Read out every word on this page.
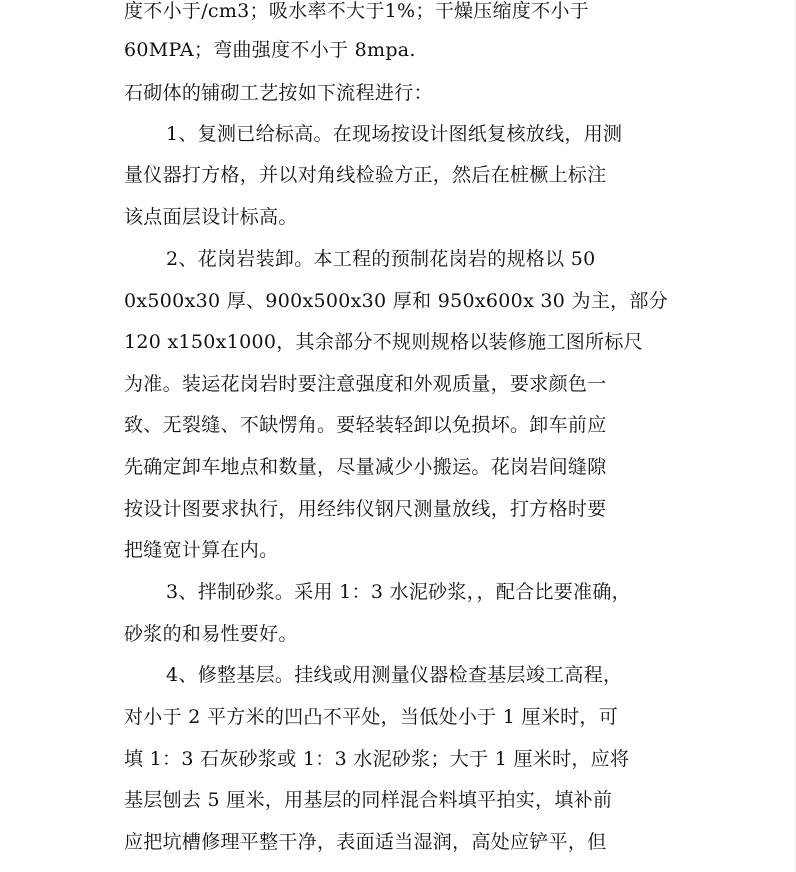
度不小于/cm3；吸水率不大于1%；干燥压缩度不小于
60MPA；弯曲强度不小于 8mpa.
石砌体的铺砌工艺按如下流程进行：
1、复测已给标高。在现场按设计图纸复核放线，用测
量仪器打方格，并以对角线检验方正，然后在桩橛上标注
该点面层设计标高。
2、花岗岩装卸。本工程的预制花岗岩的规格以 50
0x500x30 厚、900x500x30 厚和 950x600x 30 为主，部分
120 x150x1000，其余部分不规则规格以装修施工图所标尺
为准。装运花岗岩时要注意强度和外观质量，要求颜色一
致、无裂缝、不缺愣角。要轻装轻卸以免损坏。卸车前应
先确定卸车地点和数量，尽量减少小搬运。花岗岩间缝隙
按设计图要求执行，用经纬仪钢尺测量放线，打方格时要
把缝宽计算在内。
3、拌制砂浆。采用 1：3 水泥砂浆，，配合比要准确，
砂浆的和易性要好。
4、修整基层。挂线或用测量仪器检查基层竣工高程，
对小于 2 平方米的凹凸不平处，当低处小于 1 厘米时，可
填 1：3 石灰砂浆或 1：3 水泥砂浆；大于 1 厘米时，应将
基层刨去 5 厘米，用基层的同样混合料填平拍实，填补前
应把坑槽修理平整干净，表面适当湿润，高处应铲平，但
